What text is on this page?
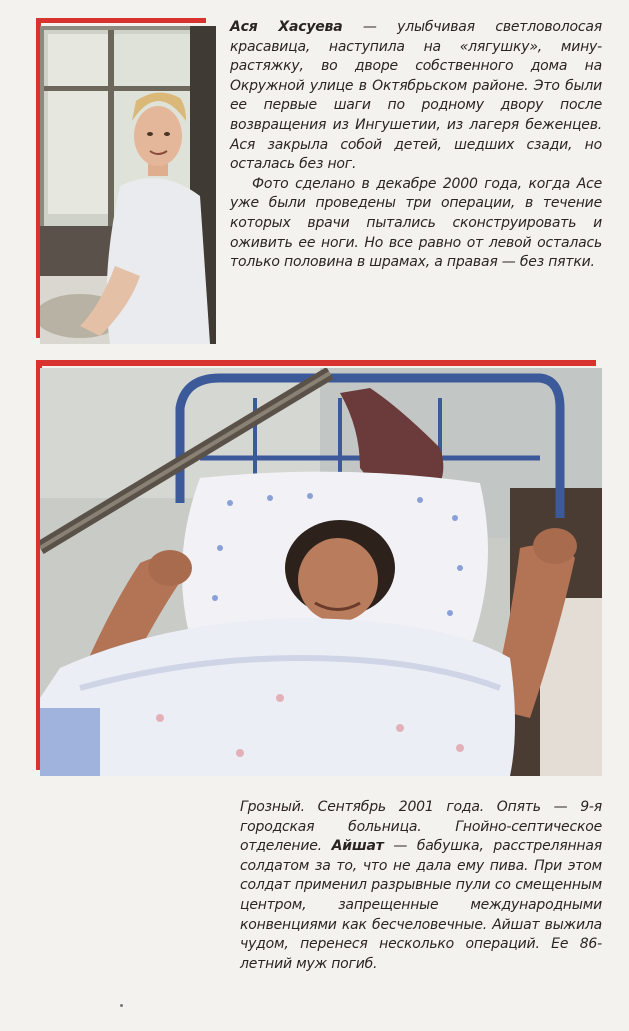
Ася Хасуева — улыбчивая светловолосая красавица, наступила на «лягушку», мину-растяжку, во дворе собственного дома на Окружной улице в Октябрьском районе. Это были ее первые шаги по родному двору после возвращения из Ингушетии, из лагеря беженцев. Ася закрыла собой детей, шедших сзади, но осталась без ног.

Фото сделано в декабре 2000 года, когда Асе уже были проведены три операции, в течение которых врачи пытались сконструировать и оживить ее ноги. Но все равно от левой осталась только половина в шрамах, а правая — без пятки.

Грозный. Сентябрь 2001 года. Опять — 9-я городская больница. Гнойно-септическое отделение. Айшат — бабушка, расстрелянная солдатом за то, что не дала ему пива. При этом солдат применил разрывные пули со смещенным центром, запрещенные международными конвенциями как бесчеловечные. Айшат выжила чудом, перенеся несколько операций. Ее 86-летний муж погиб.
